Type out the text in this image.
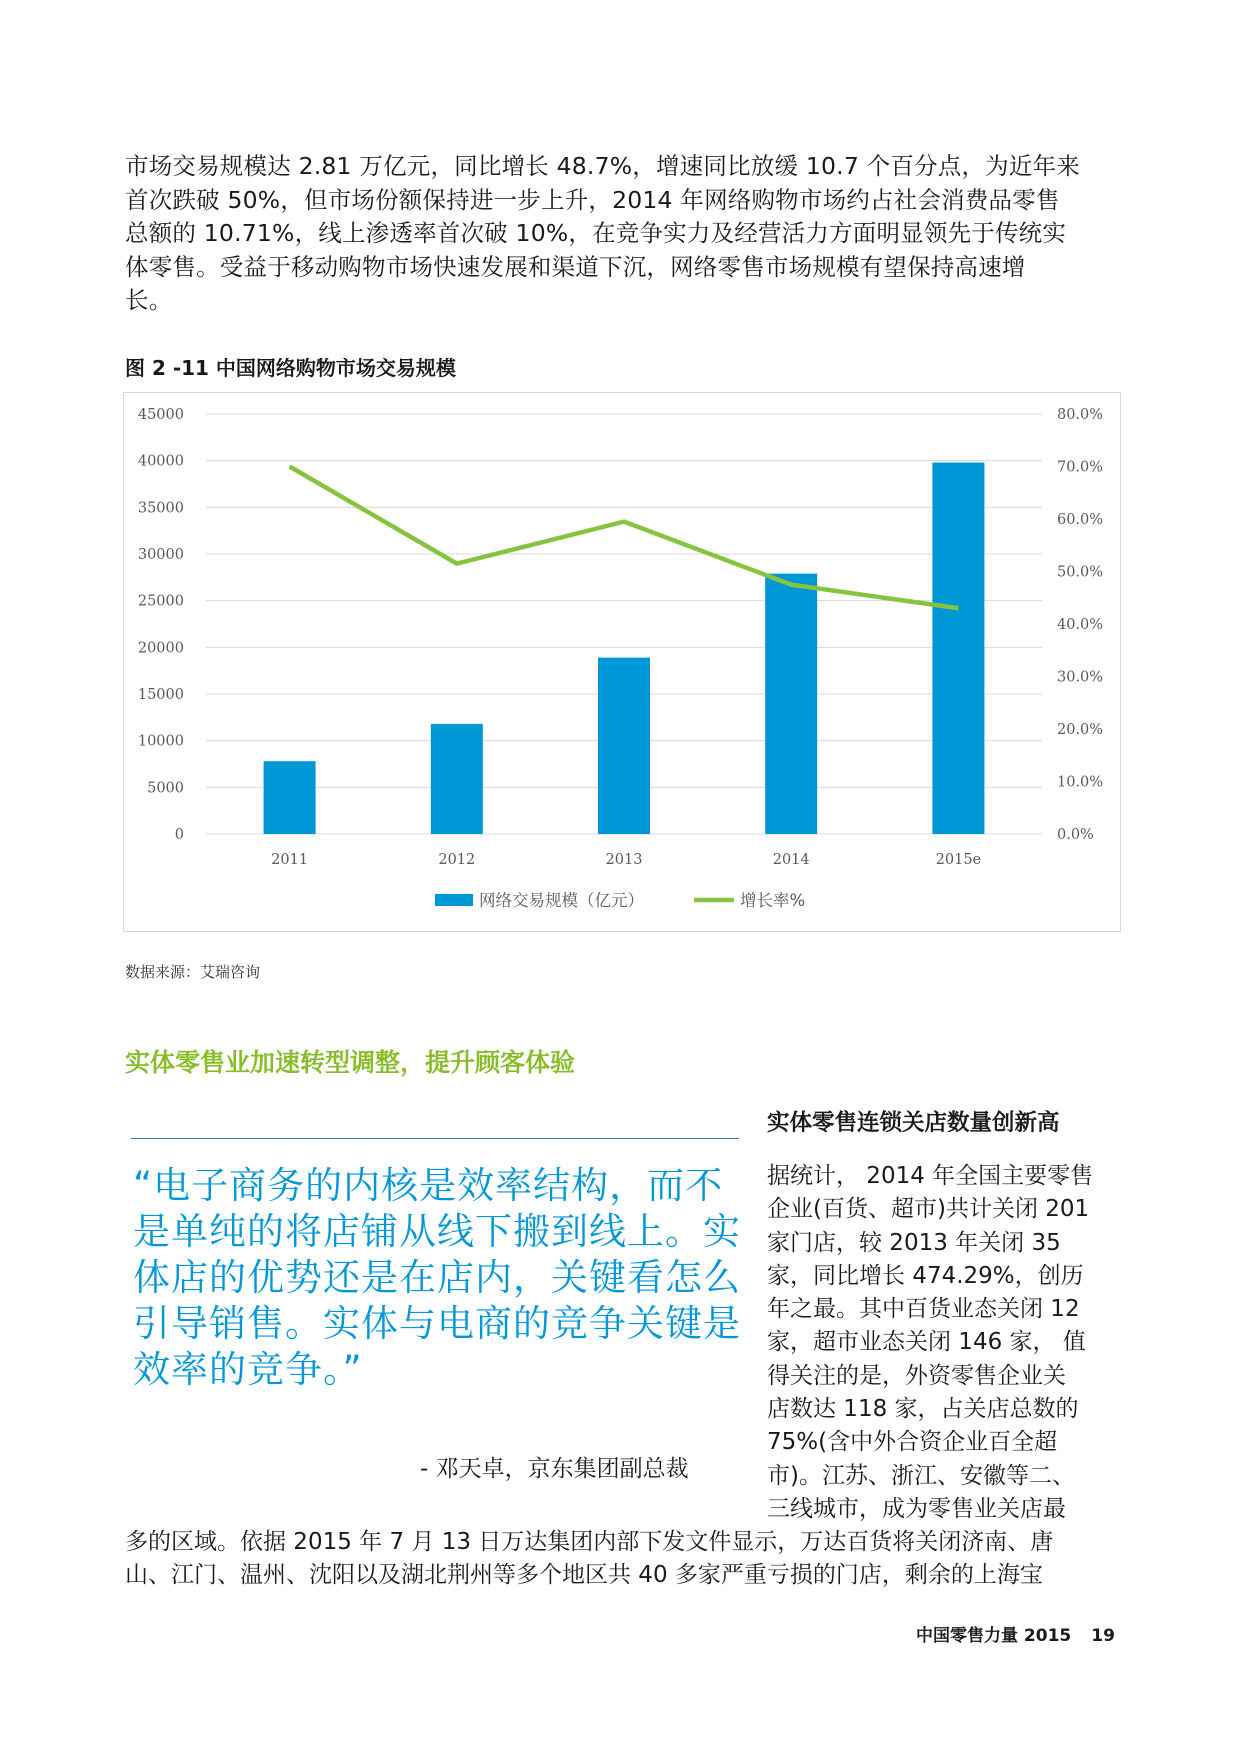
市场交易规模达 2.81 万亿元，同比增长 48.7%，增速同比放缓 10.7 个百分点，为近年来

首次跌破 50%，但市场份额保持进一步上升，2014 年网络购物市场约占社会消费品零售

总额的 10.71%，线上渗透率首次破 10%，在竞争实力及经营活力方面明显领先于传统实

体零售。受益于移动购物市场快速发展和渠道下沉，网络零售市场规模有望保持高速增

长。

图 2 -11 中国网络购物市场交易规模
0
5000
10000
15000
20000
25000
30000
35000
40000
45000
0.0%
10.0%
20.0%
30.0%
40.0%
50.0%
60.0%
70.0%
80.0%
2011	2012	2013	2014	2015e
网络交易规模（亿元）	增长率%
数据来源：艾瑞咨询
实体零售业加速转型调整，提升顾客体验
“电子商务的内核是效率结构，而不
是单纯的将店铺从线下搬到线上。实
体店的优势还是在店内，关键看怎么
引导销售。实体与电商的竞争关键是
效率的竞争。”
- 邓天卓，京东集团副总裁
实体零售连锁关店数量创新高

据统计， 2014 年全国主要零售

企业(百货、超市)共计关闭 201

家门店，较 2013 年关闭 35

家，同比增长 474.29%，创历

年之最。其中百货业态关闭 12

家，超市业态关闭 146 家， 值

得关注的是，外资零售企业关

店数达 118 家，占关店总数的

75%(含中外合资企业百全超

市)。江苏、浙江、安徽等二、

三线城市，成为零售业关店最

多的区域。依据 2015 年 7 月 13 日万达集团内部下发文件显示，万达百货将关闭济南、唐

山、江门、温州、沈阳以及湖北荆州等多个地区共 40 多家严重亏损的门店，剩余的上海宝

中国零售力量 2015 19
